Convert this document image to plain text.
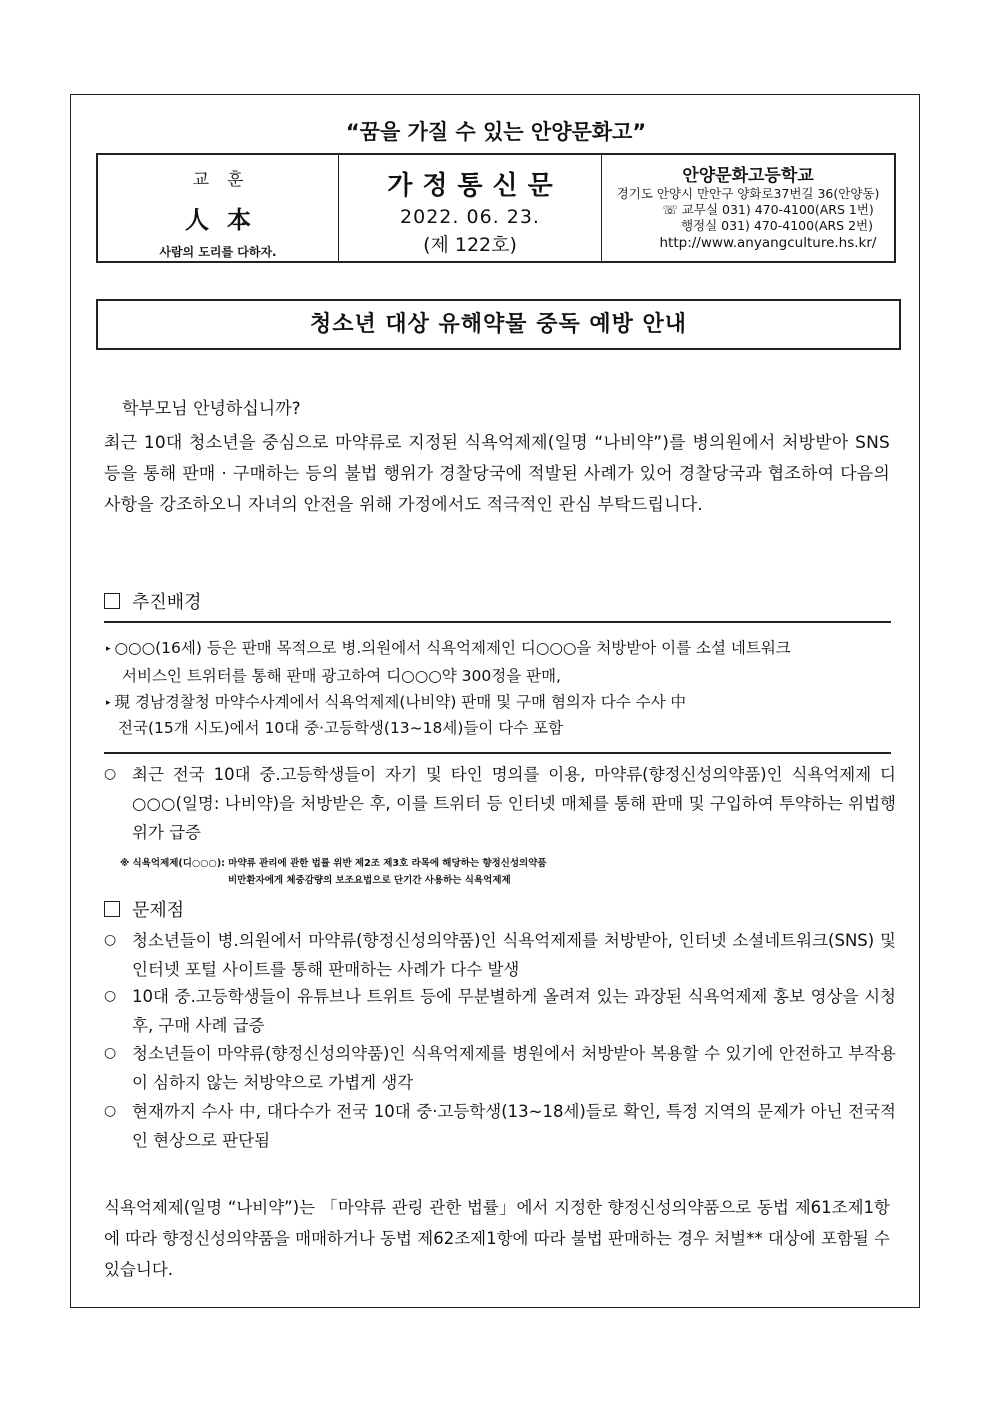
“꿈을 가질 수 있는 안양문화고”
교훈
人本
사람의 도리를 다하자.
가정통신문
2022. 06. 23.
(제 122호)
안양문화고등학교
경기도 안양시 만안구 양화로37번길 36(안양동)
☏ 교무실 031) 470-4100(ARS 1번)
행정실 031) 470-4100(ARS 2번)
http://www.anyangculture.hs.kr/
청소년 대상 유해약물 중독 예방 안내
학부모님 안녕하십니까?
최근 10대 청소년을 중심으로 마약류로 지정된 식욕억제제(일명 “나비약”)를 병의원에서 처방받아 SNS 등을 통해 판매 · 구매하는 등의 불법 행위가 경찰당국에 적발된 사례가 있어 경찰당국과 협조하여 다음의 사항을 강조하오니 자녀의 안전을 위해 가정에서도 적극적인 관심 부탁드립니다.
추진배경
▸ ○○○(16세) 등은 판매 목적으로 병.의원에서 식욕억제제인 디○○○을 처방받아 이를 소셜 네트워크
서비스인 트위터를 통해 판매 광고하여 디○○○약 300정을 판매,
▸ 現 경남경찰청 마약수사계에서 식욕억제제(나비약) 판매 및 구매 혐의자 다수 수사 中
전국(15개 시도)에서 10대 중·고등학생(13~18세)들이 다수 포함
○ 최근 전국 10대 중.고등학생들이 자기 및 타인 명의를 이용, 마약류(향정신성의약품)인 식욕억제제 디○○○(일명: 나비약)을 처방받은 후, 이를 트위터 등 인터넷 매체를 통해 판매 및 구입하여 투약하는 위법행위가 급증
※ 식욕억제제(디○○○): 마약류 관리에 관한 법률 위반 제2조 제3호 라목에 해당하는 향정신성의약품
비만환자에게 체중감량의 보조요법으로 단기간 사용하는 식욕억제제
문제점
○ 청소년들이 병.의원에서 마약류(향정신성의약품)인 식욕억제제를 처방받아, 인터넷 소셜네트워크(SNS) 및 인터넷 포털 사이트를 통해 판매하는 사례가 다수 발생
○ 10대 중.고등학생들이 유튜브나 트위트 등에 무분별하게 올려져 있는 과장된 식욕억제제 홍보 영상을 시청 후, 구매 사례 급증
○ 청소년들이 마약류(향정신성의약품)인 식욕억제제를 병원에서 처방받아 복용할 수 있기에 안전하고 부작용이 심하지 않는 처방약으로 가볍게 생각
○ 현재까지 수사 中, 대다수가 전국 10대 중·고등학생(13~18세)들로 확인, 특정 지역의 문제가 아닌 전국적인 현상으로 판단됨
식욕억제제(일명 “나비약”)는 「마약류 관링 관한 법률」에서 지정한 향정신성의약품으로 동법 제61조제1항에 따라 향정신성의약품을 매매하거나 동법 제62조제1항에 따라 불법 판매하는 경우 처벌** 대상에 포함될 수 있습니다.
